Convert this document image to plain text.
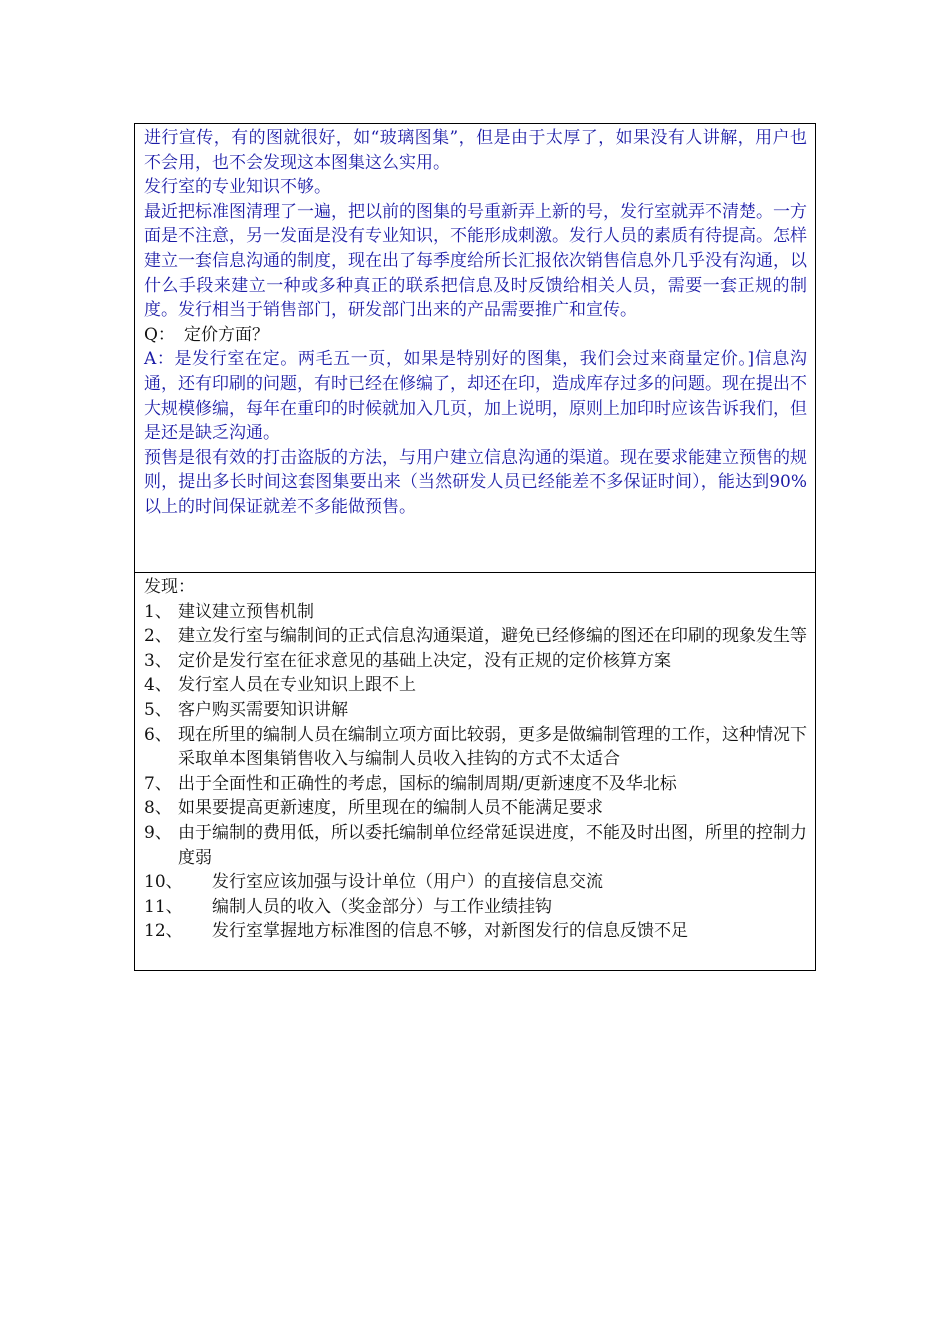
进行宣传，有的图就很好，如“玻璃图集”，但是由于太厚了，如果没有人讲解，用户也不会用，也不会发现这本图集这么实用。

发行室的专业知识不够。

最近把标准图清理了一遍，把以前的图集的号重新弄上新的号，发行室就弄不清楚。一方面是不注意，另一发面是没有专业知识，不能形成刺激。发行人员的素质有待提高。怎样建立一套信息沟通的制度，现在出了每季度给所长汇报依次销售信息外几乎没有沟通，以什么手段来建立一种或多种真正的联系把信息及时反馈给相关人员，需要一套正规的制度。发行相当于销售部门，研发部门出来的产品需要推广和宣传。

Q： 定价方面？

A：是发行室在定。两毛五一页，如果是特别好的图集，我们会过来商量定价。]信息沟通，还有印刷的问题，有时已经在修编了，却还在印，造成库存过多的问题。现在提出不大规模修编，每年在重印的时候就加入几页，加上说明，原则上加印时应该告诉我们，但是还是缺乏沟通。

预售是很有效的打击盗版的方法，与用户建立信息沟通的渠道。现在要求能建立预售的规则，提出多长时间这套图集要出来（当然研发人员已经能差不多保证时间），能达到90%以上的时间保证就差不多能做预售。

发现：

1、 建议建立预售机制
2、 建立发行室与编制间的正式信息沟通渠道，避免已经修编的图还在印刷的现象发生等
3、 定价是发行室在征求意见的基础上决定，没有正规的定价核算方案
4、 发行室人员在专业知识上跟不上
5、 客户购买需要知识讲解
6、 现在所里的编制人员在编制立项方面比较弱，更多是做编制管理的工作，这种情况下采取单本图集销售收入与编制人员收入挂钩的方式不太适合
7、 出于全面性和正确性的考虑，国标的编制周期/更新速度不及华北标
8、 如果要提高更新速度，所里现在的编制人员不能满足要求
9、 由于编制的费用低，所以委托编制单位经常延误进度，不能及时出图，所里的控制力度弱
10、	发行室应该加强与设计单位（用户）的直接信息交流
11、	编制人员的收入（奖金部分）与工作业绩挂钩
12、	发行室掌握地方标准图的信息不够，对新图发行的信息反馈不足
